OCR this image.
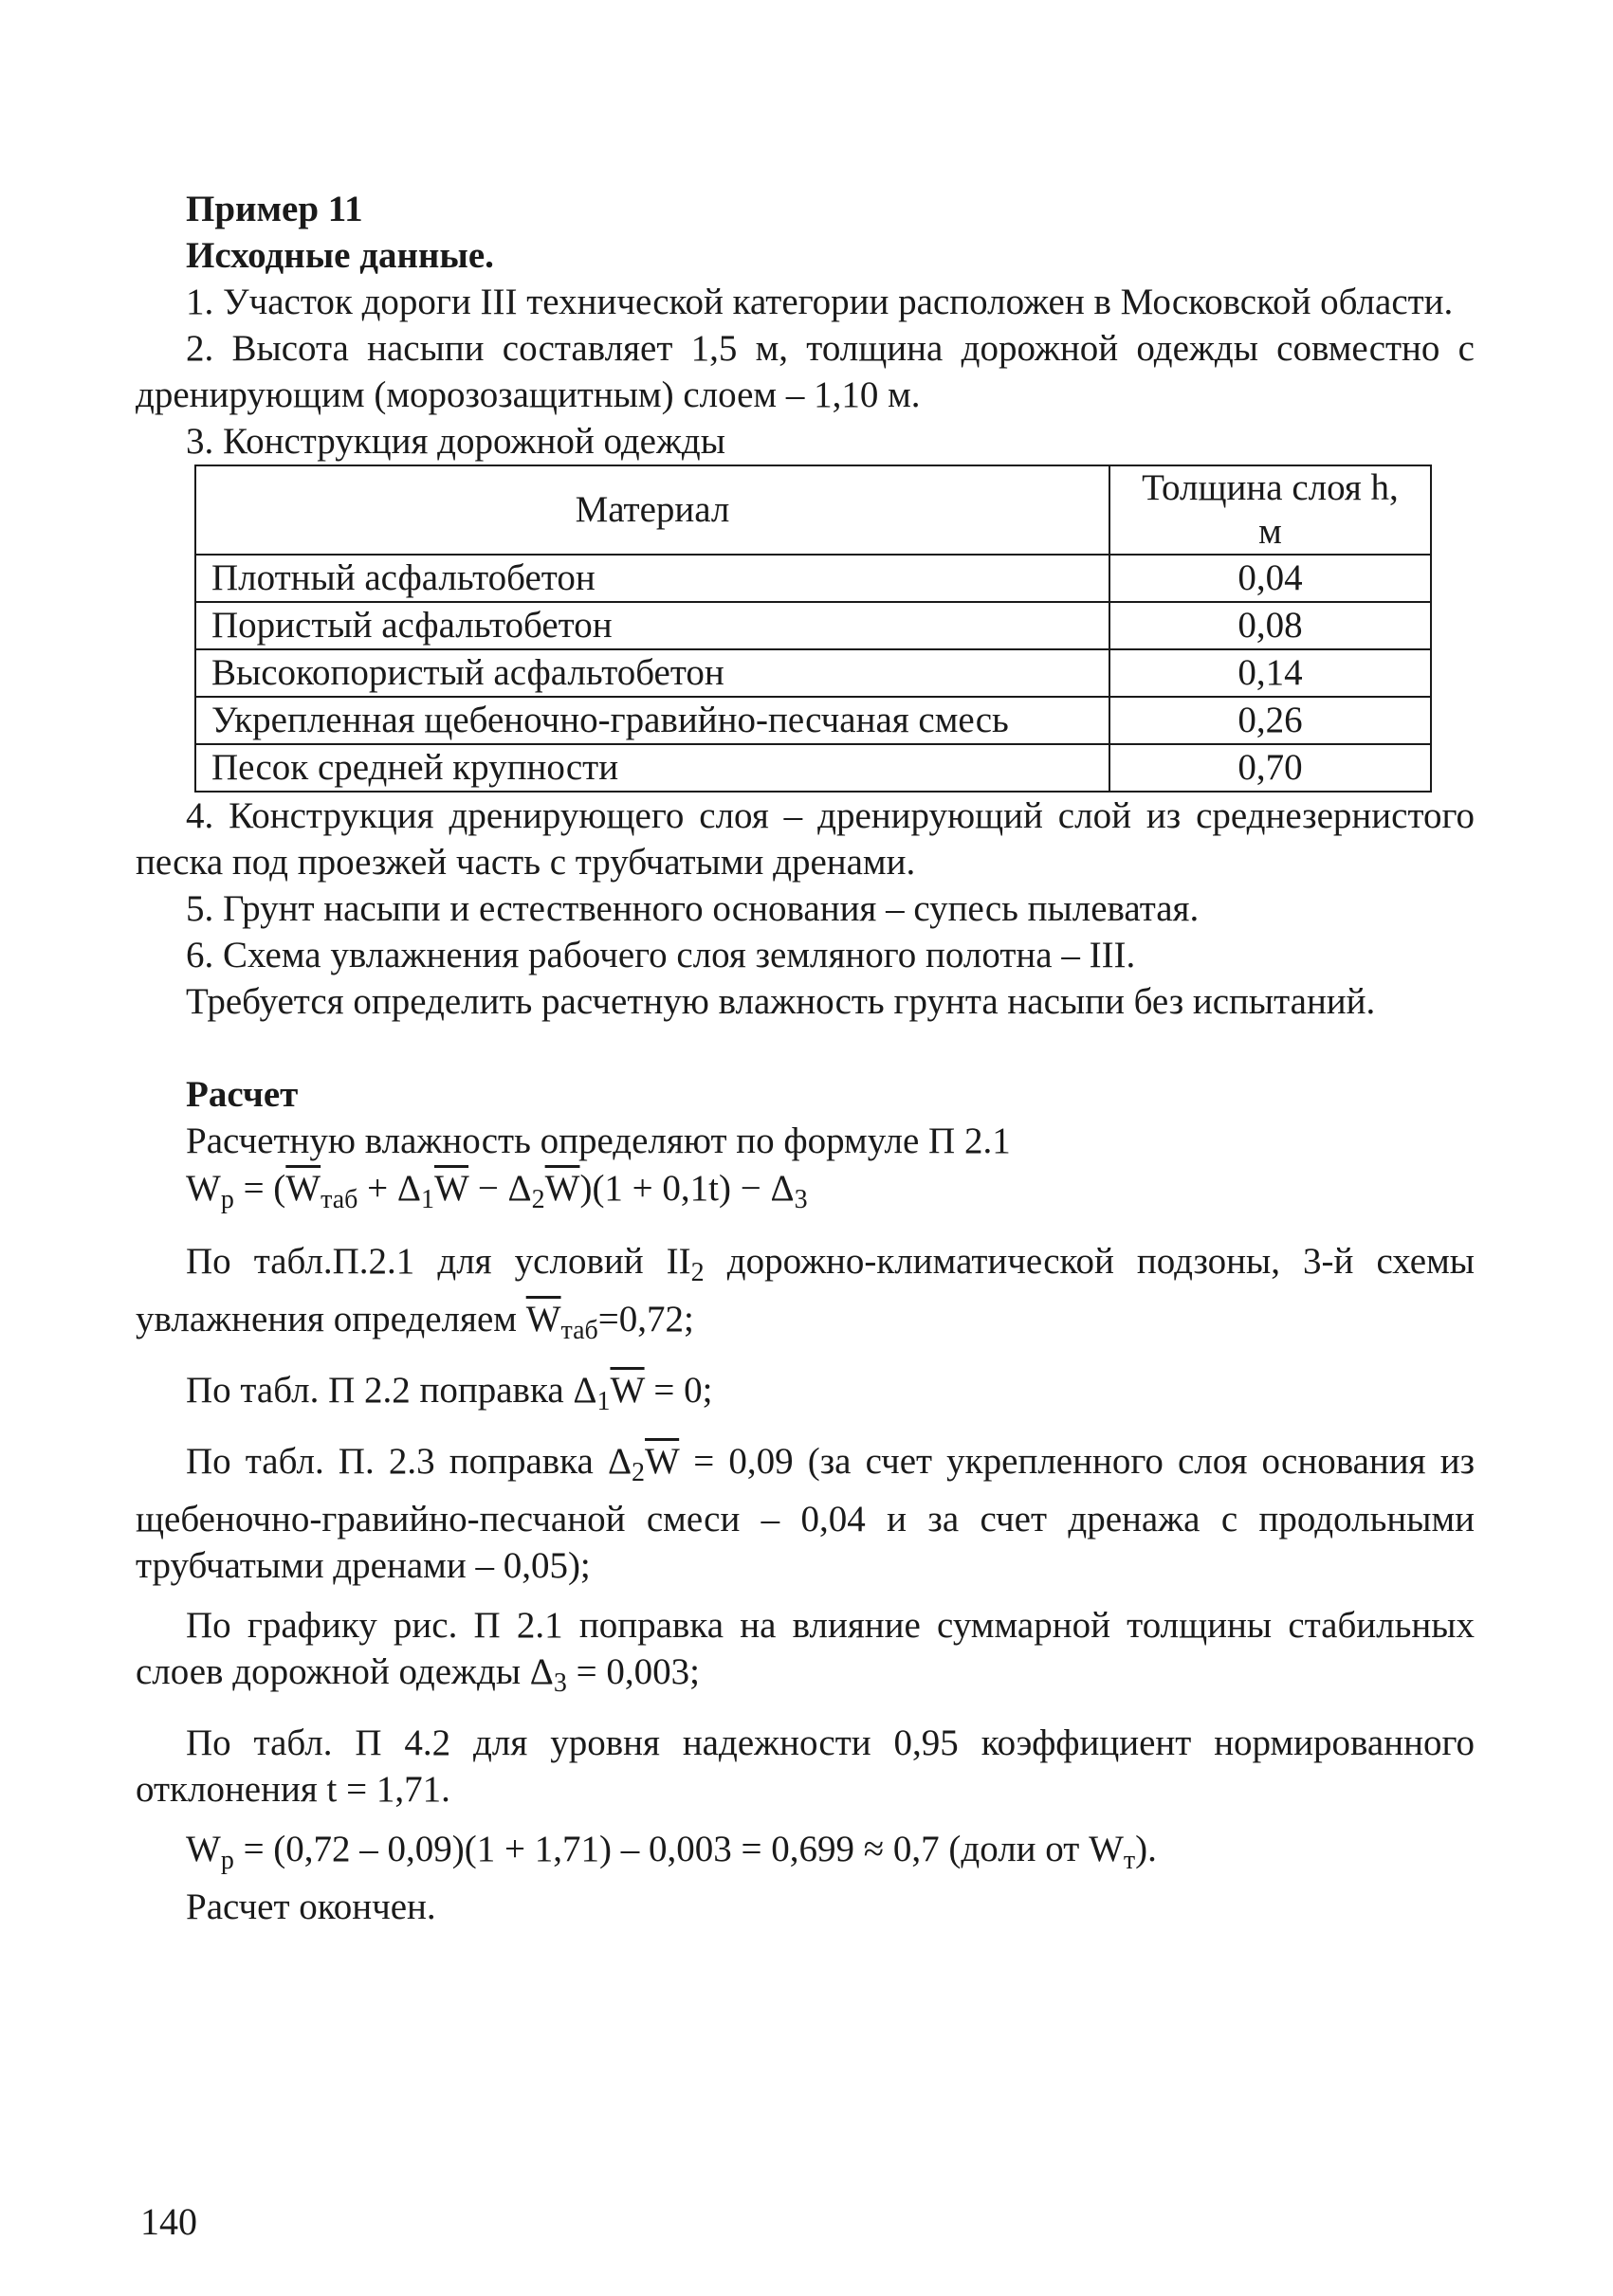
Пример 11
Исходные данные.

1. Участок дороги III технической категории расположен в Московской области.

2. Высота насыпи составляет 1,5 м, толщина дорожной одежды совместно с дренирующим (морозозащитным) слоем – 1,10 м.

3. Конструкция дорожной одежды

Материал	Толщина слоя h, м
Плотный асфальтобетон	0,04
Пористый асфальтобетон	0,08
Высокопористый асфальтобетон	0,14
Укрепленная щебеночно-гравийно-песчаная смесь	0,26
Песок средней крупности	0,70

4. Конструкция дренирующего слоя – дренирующий слой из среднезернистого песка под проезжей часть с трубчатыми дренами.

5. Грунт насыпи и естественного основания – супесь пылеватая.

6. Схема увлажнения рабочего слоя земляного полотна – III.

Требуется определить расчетную влажность грунта насыпи без испытаний.

Расчет

Расчетную влажность определяют по формуле П 2.1

$W_p = (\overline{W}_{таб} + \Delta_1\overline{W} - \Delta_2\overline{W})(1 + 0,1t) - \Delta_3$

По табл.П.2.1 для условий $II_2$ дорожно-климатической подзоны, 3-й схемы увлажнения определяем $\overline{W}_{таб}=0,72$;

По табл. П 2.2 поправка $\Delta_1\overline{W} = 0$;

По табл. П. 2.3 поправка $\Delta_2\overline{W} = 0,09$ (за счет укрепленного слоя основания из щебеночно-гравийно-песчаной смеси – 0,04 и за счет дренажа с продольными трубчатыми дренами – 0,05);

По графику рис. П 2.1 поправка на влияние суммарной толщины стабильных слоев дорожной одежды $\Delta_3 = 0,003$;

По табл. П 4.2 для уровня надежности 0,95 коэффициент нормированного отклонения t = 1,71.

$W_p = (0,72 - 0,09)(1 + 1,71) - 0,003 = 0,699 \approx 0,7$ (доли от $W_т$).

Расчет окончен.

140
